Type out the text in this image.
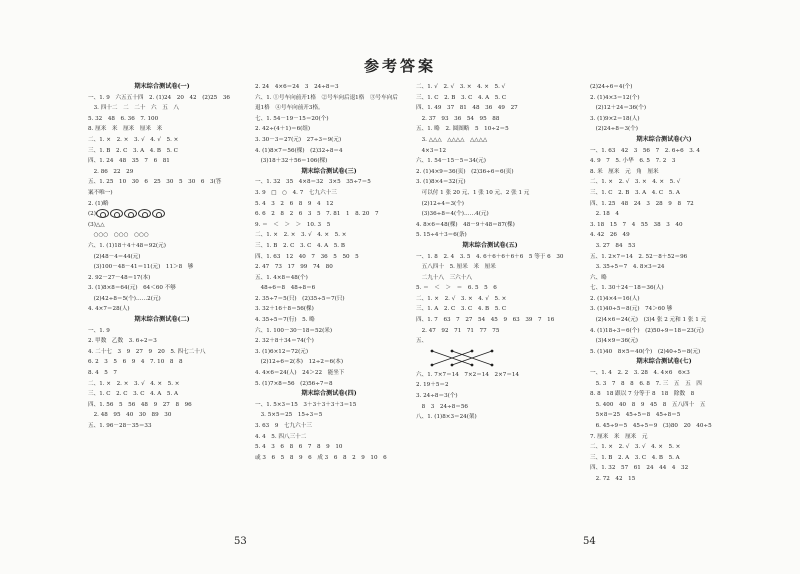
参考答案
期末综合测试卷(一)
一、1. 9　六五五十四　2. (1)24　20　42　(2)25　36
　3. 四十二　二　二十　六　五　八
5. 32　48　6. 36　7. 100
8. 厘米　米　厘米　厘米　米
二、1. ×　2. ×　3. √　4. √　5. ×
三、1. B　2. C　3. A　4. B　5. C
四、1. 24　48　35　7　6　81
　2. 86　22　29
五、1. 25　10　30　6　25　30　5　30　6　3(答
案不唯一)
2. (1)略
(2)
(3)△△
　○○○　○○○　○○○
六、1. (1)18＋4＋48＝92(元)
　(2)48－4＝44(元)
　(3)100－48－41＝11(元)　11＞8　够
2. 92－27－48＝17(本)
3. (1)8×8＝64(元)　64＜60 不够
　(2)42÷8＝5(个)……2(元)
4. 4×7＝28(人)
期末综合测试卷(二)
一、1. 9
2. 甲数　乙数　3. 6÷2＝3
4. 二十七　3　9　27　9　20　5. 四七二十八
6. 2　3　5　6　9　4　7. 10　8　8
8. 4　5　7
二、1. ×　2. ×　3. √　4. ×　5. ×
三、1. C　2. C　3. C　4. A　5. A
四、1. 56　5　56　48　9　27　8　96
　2. 48　95　40　30　89　30
五、1. 96－28－35＝33
2. 24　4×6＝24　3　24÷8＝3
六、1. ①号车向前开1格　②号车向后退1格　③号车向后
退1格　④号车向前开3格。
七、1. 54－19－15＝20(个)
2. 42÷(4＋1)＝6(组)
3. 30－3＝27(元)　27÷3＝9(元)
4. (1)8×7＝56(棵)　(2)32÷8＝4
　(3)18＋32＋56＝106(棵)
期末综合测试卷(三)
一、1. 32　35　4×8＝32　3×5　35÷7＝5
3. 9　□　○　4. 7　七九六十三
5. 4　3　2　6　8　9　4　12
6. 6　2　8　2　6　3　5　7. 81　1　8. 20　7
9. ＝　＜　＞　＞　10. 3　5
二、1. ×　2. ×　3. √　4. ×　5. ×
三、1. B　2. C　3. C　4. A　5. B
四、1. 63　12　40　7　36　5　50　5
2. 47　73　17　99　74　80
五、1. 4×8＝48(个)
　48÷6＝8　48÷8＝6
2. 35÷7＝5(只)　(2)35÷5＝7(只)
3. 32＋16＋8＝56(棵)
4. 35÷5＝7(行)　5. 略
六、1. 100－30－18＝52(米)
2. 32＋8＋34＝74(个)
3. (1)6×12＝72(元)
　(2)12÷6＝2(本)　12÷2＝6(本)
4. 4×6＝24(人)　24＞22　能坐下
5. (1)7×8＝56　(2)56÷7＝8
期末综合测试卷(四)
一、1. 5×3＝15　3＋3＋3＋3＋3＝15
　3. 5×5＝25　15÷3＝5
3. 63　9　七九六十三
4. 4　5. 四八三十二
5. 4　3　6　8　6　7　8　9　10
或 3　6　5　8　9　6　成 3　6　8　2　9　10　6
二、1. √　2. √　3. ×　4. ×　5. √
三、1. C　2. B　3. C　4. A　5. C
四、1. 49　37　81　48　36　49　27
　2. 37　93　36　54　95　88
五、1. 略　2. 圆图略　5　10÷2＝5
　3. △△△　△△△△　△△△△
　4×3＝12
六、1. 54－15－5＝34(元)
2. (1)4×9＝36(页)　(2)36÷6＝6(页)
3. (1)8×4＝32(元)
　可以付 1 张 20 元、1 张 10 元、2 张 1 元
　(2)12÷4＝3(个)
　(3)36÷8＝4(个)……4(元)
4. 8×6＝48(棵)　48－9＋48＝87(棵)
5. 15÷4＋3＝6(条)
期末综合测试卷(五)
一、1. 8　2. 4　3. 5　4. 6＋6＋6＋6＋6　5 等于 6　30
　五八四十　5. 厘米　米　厘米
　二九十八　三六十八
5. ＝　＜　＞　＝　6. 5　5　6
二、1. ×　2. √　3. ×　4. √　5. ×
三、1. A　2. C　3. C　4. B　5. C
四、1. 7　63　7　27　54　45　9　63　39　7　16
　2. 47　92　71　71　77　75
五、
六、1. 7×7＝14　7×2＝14　2×7＝14
2. 19＋5＝2
3. 24÷8＝3(个)
　8　3　24÷8＝56
八、1. (1)8×3＝24(架)
(2)24÷6＝4(个)
2. (1)4×3＝12(个)
　(2)12＋24＝36(个)
3. (1)9×2＝18(人)
　(2)24÷8＝3(个)
期末综合测试卷(六)
一、1. 63　42　3　56　7　2. 6÷6　3. 4
4. 9　7　5. 小华　6. 5　7. 2　3
8. 米　厘米　元　角　厘米
二、1. ×　2. √　3. ×　4. ×　5. √
三、1. C　2. B　3. A　4. C　5. A
四、1. 25　48　24　3　28　9　8　72
　2. 18　4
3. 18　15　7　4　55　38　3　40
4. 42　26　49
　3. 27　84　53
五、1. 2×7＝14　2. 52－8＋52＝96
　3. 35÷5＝7　4. 8×3＝24
六、略
七、1. 30＋24－18＝36(人)
2. (1)4×4＝16(人)
3. (1)40÷5＝8(元)　74＞60 够
　(2)4×6＝24(元)　(3)4 张 2 元和 1 张 1 元
4. (1)18÷3＝6(个)　(2)50÷9＝18＝23(元)
　(3)4×9＝36(元)
5. (1)40　8×5＝40(个)　(2)40÷5＝8(元)
期末综合测试卷(七)
一、1. 4　2. 2　3. 28　4. 4×6　6×3
　5. 3　7　8　8　6. 8　7. 三　五　五　四
8. 8　18 跟以 7 分等于 8　18　除数　8
　5. 400　40　8　9　45　8　五八四十　五
　5×8＝25　45÷5＝8　45÷8＝5
　6. 45÷9＝5　45÷5＝9　(3)80　20　40÷5
7. 厘米　米　厘米　元
二、1. ×　2. √　3. √　4. ×　5. ×
三、1. B　2. A　3. C　4. B　5. A
四、1. 32　57　61　24　44　4　32
　2. 72　42　15
53	54
